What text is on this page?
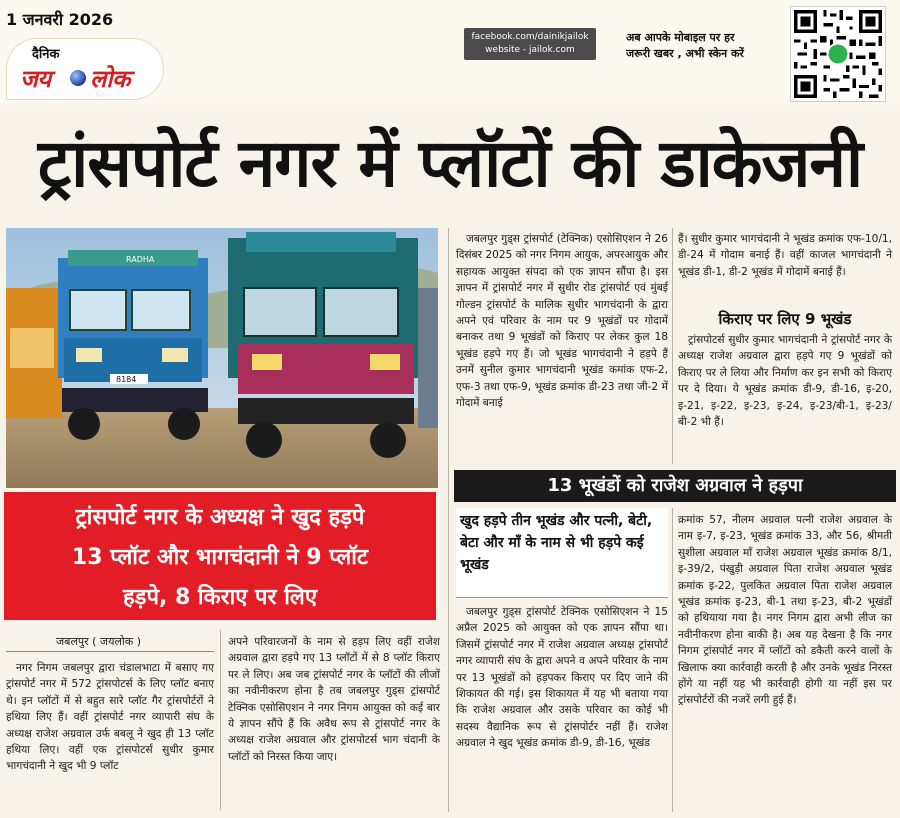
1 जनवरी 2026
दैनिक
जय लोक
facebook.com/dainikjailok
website - jailok.com
अब आपके मोबाइल पर हर
जरूरी खबर , अभी स्केन करें
ट्रांसपोर्ट नगर में प्लॉटों की डाकेजनी
RADHA
8184
ट्रांसपोर्ट नगर के अध्यक्ष ने खुद हड़पे
13 प्लॉट और भागचंदानी ने 9 प्लॉट
हड़पे, 8 किराए पर लिए
जबलपुर ( जयलोक )

नगर निगम जबलपुर द्वारा चंडालभाटा में बसाए गए ट्रांसपोर्ट नगर में 572 ट्रांसपोटर्स के लिए प्लॉट बनाए थे। इन प्लॉटों में से बहुत सारे प्लॉट गैर ट्रांसपोर्टरों ने हथिया लिए हैं। वहीं ट्रांसपोर्ट नगर व्यापारी संघ के अध्यक्ष राजेश अग्रवाल उर्फ बबलू ने खुद ही 13 प्लॉट हथिया लिए। वहीं एक ट्रांसपोटर्स सुधीर कुमार भागचंदानी ने खुद भी 9 प्लॉट

अपने परिवारजनों के नाम से हड़प लिए वहीं राजेश अग्रवाल द्वारा हड़पे गए 13 प्लॉटों में से 8 प्लॉट किराए पर ले लिए। अब जब ट्रांसपोर्ट नगर के प्लॉटों की लीजों का नवीनीकरण होना है तब जबलपुर गुड्स ट्रांसपोर्ट टेक्निक एसोसिएशन ने नगर निगम आयुक्त को कई बार ये ज्ञापन सौंपे हैं कि अवैध रूप से ट्रांसपोर्ट नगर के अध्यक्ष राजेश अग्रवाल और ट्रांसपोटर्स भाग चंदानी के प्लॉटों को निरस्त किया जाए।

जबलपुर गुड्स ट्रांसपोर्ट (टेक्निक) एसोसिएशन ने 26 दिसंबर 2025 को नगर निगम आयुक, अपरआयुक और सहायक आयुक्त संपदा को एक ज्ञापन सौंपा है। इस ज्ञापन में ट्रांसपोर्ट नगर में सुधीर रोड ट्रांसपोर्ट एवं मुंबई गोल्डन ट्रांसपोर्ट के मालिक सुधीर भागचंदानी के द्वारा अपने एवं परिवार के नाम पर 9 भूखंडों पर गोदामें बनाकर तथा 9 भूखंडों को किराए पर लेकर कुल 18 भूखंड हड़पे गए हैं। जो भूखंड भागचंदानी ने हड़पे हैं उनमें सुनील कुमार भागचंदानी भूखंड कमांक एफ-2, एफ-3 तथा एफ-9, भूखंड क्रमांक डी-23 तथा जी-2 में गोदामें बनाई

हैं। सुधीर कुमार भागचंदानी ने भूखंड क्रमांक एफ-10/1, डी-24 में गोदाम बनाई हैं। वहीं काजल भागचंदानी ने भूखंड डी-1, डी-2 भूखंड में गोदामें बनाई हैं।

किराए पर लिए 9 भूखंड

ट्रांसपोटर्स सुधीर कुमार भागचंदानी ने ट्रांसपोर्ट नगर के अध्यक्ष राजेश अग्रवाल द्वारा हड़पे गए 9 भूखंडों को किराए पर ले लिया और निर्माण कर इन सभी को किराए पर दे दिया। ये भूखंड क्रमांक डी-9, डी-16, इ-20, इ-21, इ-22, इ-23, इ-24, इ-23/बी-1, इ-23/बी-2 भी हैं।

13 भूखंडों को राजेश अग्रवाल ने हड़पा
खुद हड़पे तीन भूखंड और पत्नी, बेटी, बेटा और माँ के नाम से भी हड़पे कई भूखंड

जबलपुर गुड्स ट्रांसपोर्ट टेक्निक एसोसिएशन ने 15 अप्रैल 2025 को आयुक्त को एक ज्ञापन सौंपा था। जिसमें ट्रांसपोर्ट नगर में राजेश अग्रवाल अध्यक्ष ट्रांसपोर्ट नगर व्यापारी संघ के द्वारा अपने व अपने परिवार के नाम पर 13 भूखंडों को हड़पकर किराए पर दिए जाने की शिकायत की गई। इस शिकायत में यह भी बताया गया कि राजेश अग्रवाल और उसके परिवार का कोई भी सदस्य वैद्यानिक रूप से ट्रांसपोर्टर नहीं हैं। राजेश अग्रवाल ने खुद भूखंड क्रमांक डी-9, डी-16, भूखंड

क्रमांक 57, नीलम अग्रवाल पत्नी राजेश अग्रवाल के नाम इ-7, इ-23, भूखंड क्रमांक 33, और 56, श्रीमती सुशीला अग्रवाल माँ राजेश अग्रवाल भूखंड क्रमांक 8/1, इ-39/2, पंखुड़ी अग्रवाल पिता राजेश अग्रवाल भूखंड क्रमांक इ-22, पुलकित अग्रवाल पिता राजेश अग्रवाल भूखंड क्रमांक इ-23, बी-1 तथा इ-23, बी-2 भूखंडों को हथियाया गया है। नगर निगम द्वारा अभी लीज का नवीनीकरण होना बाकी है। अब यह देखना है कि नगर निगम ट्रांसपोर्ट नगर में प्लॉटों को डकैती करने वालों के खिलाफ क्या कार्रवाही करती है और उनके भूखंड निरस्त होंगे या नहीं यह भी कार्रवाही होगी या नहीं इस पर ट्रांसपोर्टरों की नजरें लगी हुई हैं।
